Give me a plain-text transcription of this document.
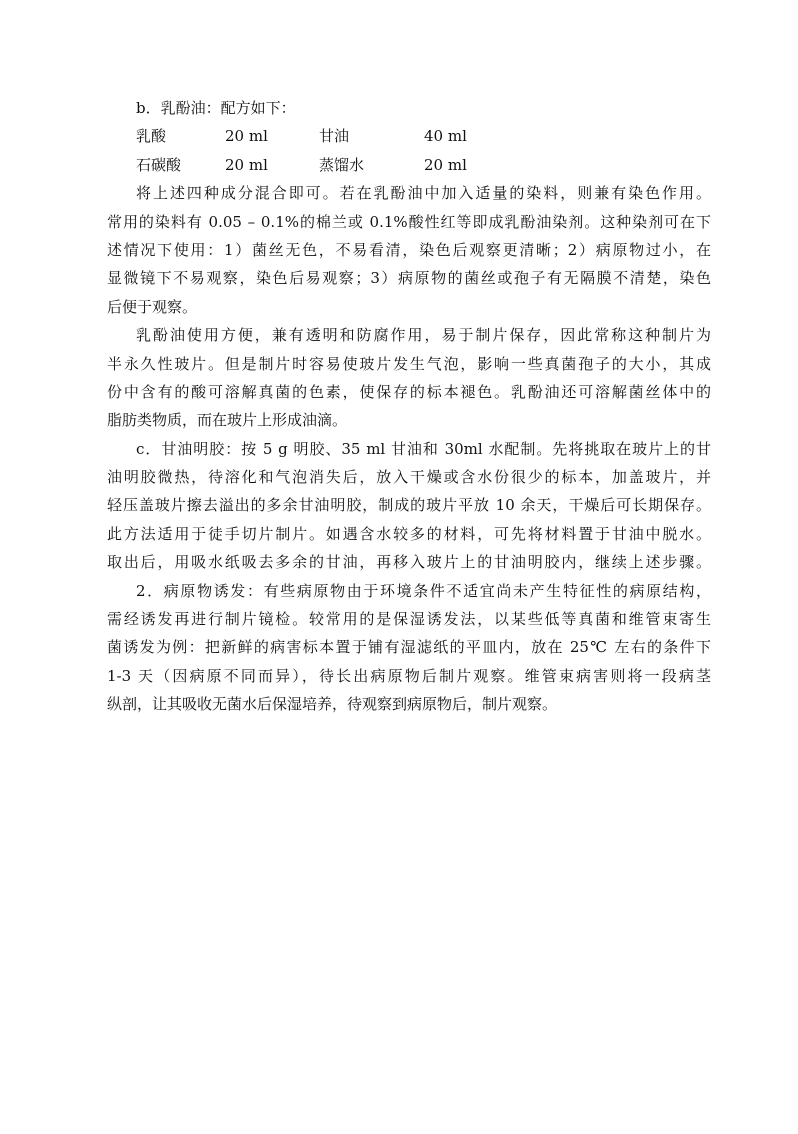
b．乳酚油：配方如下：
乳酸	20 ml	甘油	40 ml
石碳酸	20 ml	蒸馏水	20 ml
将上述四种成分混合即可。若在乳酚油中加入适量的染料，则兼有染色作用。
常用的染料有 0.05 – 0.1%的棉兰或 0.1%酸性红等即成乳酚油染剂。这种染剂可在下
述情况下使用：1）菌丝无色，不易看清，染色后观察更清晰；2）病原物过小，在
显微镜下不易观察，染色后易观察；3）病原物的菌丝或孢子有无隔膜不清楚，染色
后便于观察。
乳酚油使用方便，兼有透明和防腐作用，易于制片保存，因此常称这种制片为
半永久性玻片。但是制片时容易使玻片发生气泡，影响一些真菌孢子的大小，其成
份中含有的酸可溶解真菌的色素，使保存的标本褪色。乳酚油还可溶解菌丝体中的
脂肪类物质，而在玻片上形成油滴。
c．甘油明胶：按 5 g 明胶、35 ml 甘油和 30ml 水配制。先将挑取在玻片上的甘
油明胶微热，待溶化和气泡消失后，放入干燥或含水份很少的标本，加盖玻片，并
轻压盖玻片擦去溢出的多余甘油明胶，制成的玻片平放 10 余天，干燥后可长期保存。
此方法适用于徒手切片制片。如遇含水较多的材料，可先将材料置于甘油中脱水。
取出后，用吸水纸吸去多余的甘油，再移入玻片上的甘油明胶内，继续上述步骤。
2．病原物诱发：有些病原物由于环境条件不适宜尚未产生特征性的病原结构，
需经诱发再进行制片镜检。较常用的是保湿诱发法，以某些低等真菌和维管束寄生
菌诱发为例：把新鲜的病害标本置于铺有湿滤纸的平皿内，放在 25℃ 左右的条件下
1-3 天（因病原不同而异），待长出病原物后制片观察。维管束病害则将一段病茎
纵剖，让其吸收无菌水后保湿培养，待观察到病原物后，制片观察。
